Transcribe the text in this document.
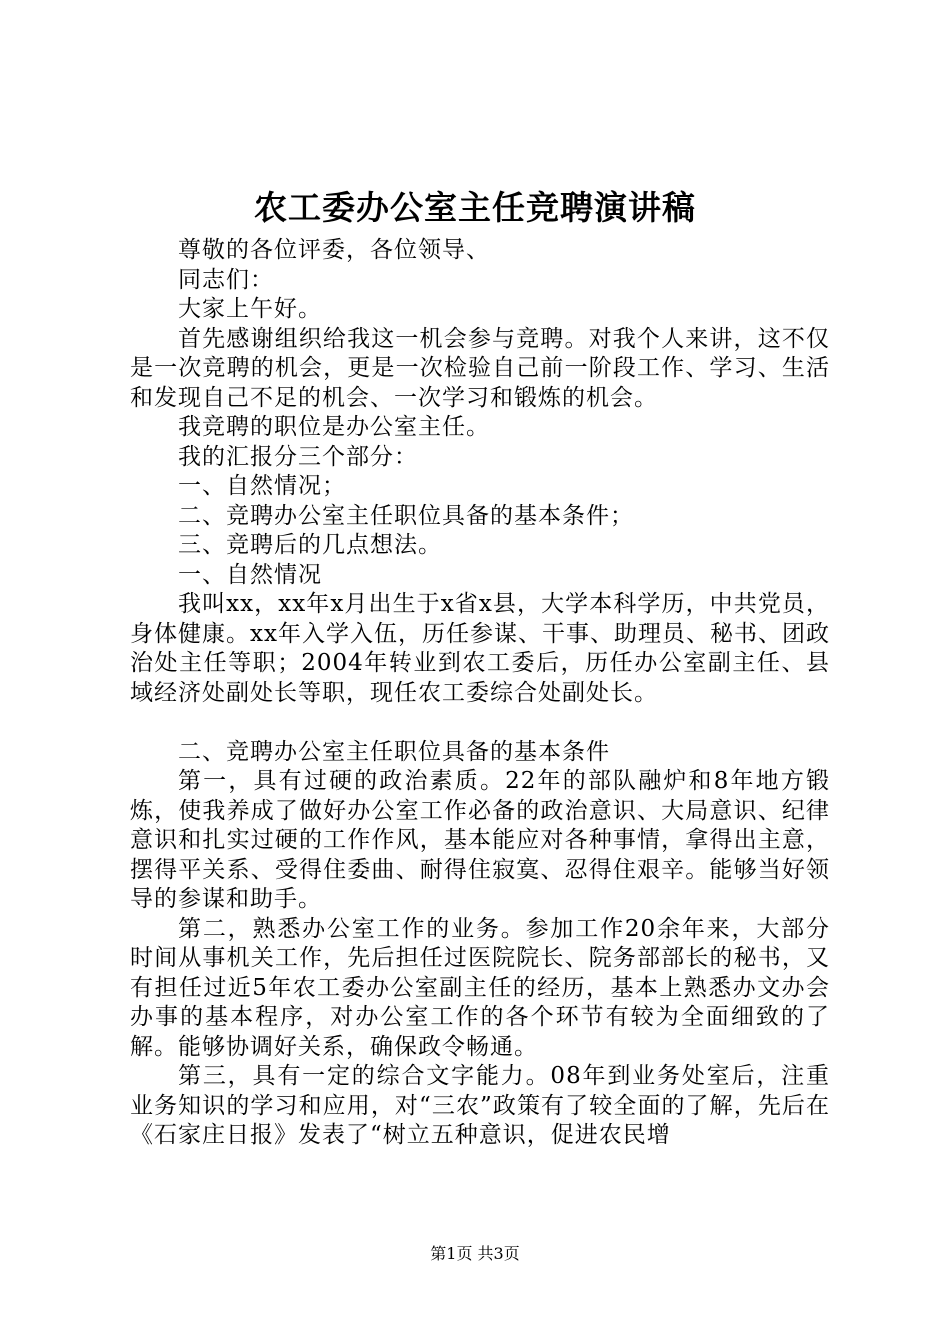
农工委办公室主任竞聘演讲稿

尊敬的各位评委，各位领导、

同志们：

大家上午好。

首先感谢组织给我这一机会参与竞聘。对我个人来讲，这不仅是一次竞聘的机会，更是一次检验自己前一阶段工作、学习、生活和发现自己不足的机会、一次学习和锻炼的机会。

我竞聘的职位是办公室主任。

我的汇报分三个部分：

一、自然情况；

二、竞聘办公室主任职位具备的基本条件；

三、竞聘后的几点想法。

一、自然情况

我叫xx，xx年x月出生于x省x县，大学本科学历，中共党员，身体健康。xx年入学入伍，历任参谋、干事、助理员、秘书、团政治处主任等职；2004年转业到农工委后，历任办公室副主任、县域经济处副处长等职，现任农工委综合处副处长。

二、竞聘办公室主任职位具备的基本条件

第一，具有过硬的政治素质。22年的部队融炉和8年地方锻炼，使我养成了做好办公室工作必备的政治意识、大局意识、纪律意识和扎实过硬的工作作风，基本能应对各种事情，拿得出主意，摆得平关系、受得住委曲、耐得住寂寞、忍得住艰辛。能够当好领导的参谋和助手。

第二，熟悉办公室工作的业务。参加工作20余年来，大部分时间从事机关工作，先后担任过医院院长、院务部部长的秘书，又有担任过近5年农工委办公室副主任的经历，基本上熟悉办文办会办事的基本程序，对办公室工作的各个环节有较为全面细致的了解。能够协调好关系，确保政令畅通。

第三，具有一定的综合文字能力。08年到业务处室后，注重业务知识的学习和应用，对“三农”政策有了较全面的了解，先后在《石家庄日报》发表了“树立五种意识，促进农民增

第1页 共3页
